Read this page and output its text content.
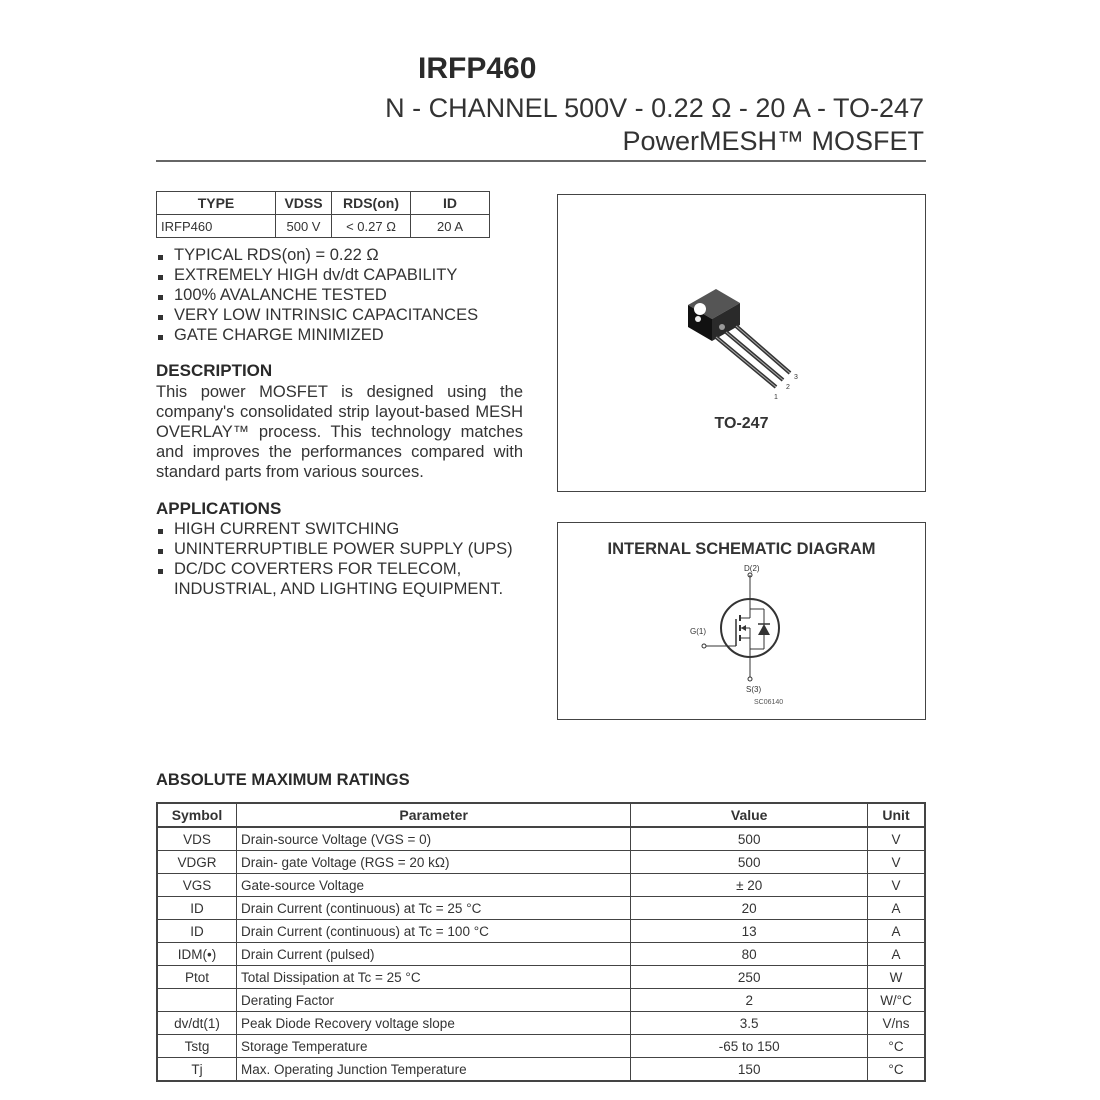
IRFP460
N - CHANNEL 500V - 0.22 Ω - 20 A - TO-247
PowerMESH™ MOSFET
TYPE	VDSS	RDS(on)	ID
IRFP460	500 V	< 0.27 Ω	20 A
TYPICAL RDS(on) = 0.22 Ω
EXTREMELY HIGH dv/dt CAPABILITY
100% AVALANCHE TESTED
VERY LOW INTRINSIC CAPACITANCES
GATE CHARGE MINIMIZED
DESCRIPTION

This power MOSFET is designed using the company's consolidated strip layout-based MESH OVERLAY™ process. This technology matches and improves the performances compared with standard parts from various sources.

APPLICATIONS
HIGH CURRENT SWITCHING
UNINTERRUPTIBLE POWER SUPPLY (UPS)
DC/DC COVERTERS FOR TELECOM, INDUSTRIAL, AND LIGHTING EQUIPMENT.
1
2
3
TO-247
INTERNAL SCHEMATIC DIAGRAM
D(2)
G(1)
S(3)
SC06140
ABSOLUTE MAXIMUM RATINGS
Symbol	Parameter	Value	Unit
VDS	Drain-source Voltage (VGS = 0)	500	V
VDGR	Drain- gate Voltage (RGS = 20 kΩ)	500	V
VGS	Gate-source Voltage	± 20	V
ID	Drain Current (continuous) at Tc = 25 °C	20	A
ID	Drain Current (continuous) at Tc = 100 °C	13	A
IDM(•)	Drain Current (pulsed)	80	A
Ptot	Total Dissipation at Tc = 25 °C	250	W
	Derating Factor	2	W/°C
dv/dt(1)	Peak Diode Recovery voltage slope	3.5	V/ns
Tstg	Storage Temperature	-65 to 150	°C
Tj	Max. Operating Junction Temperature	150	°C
